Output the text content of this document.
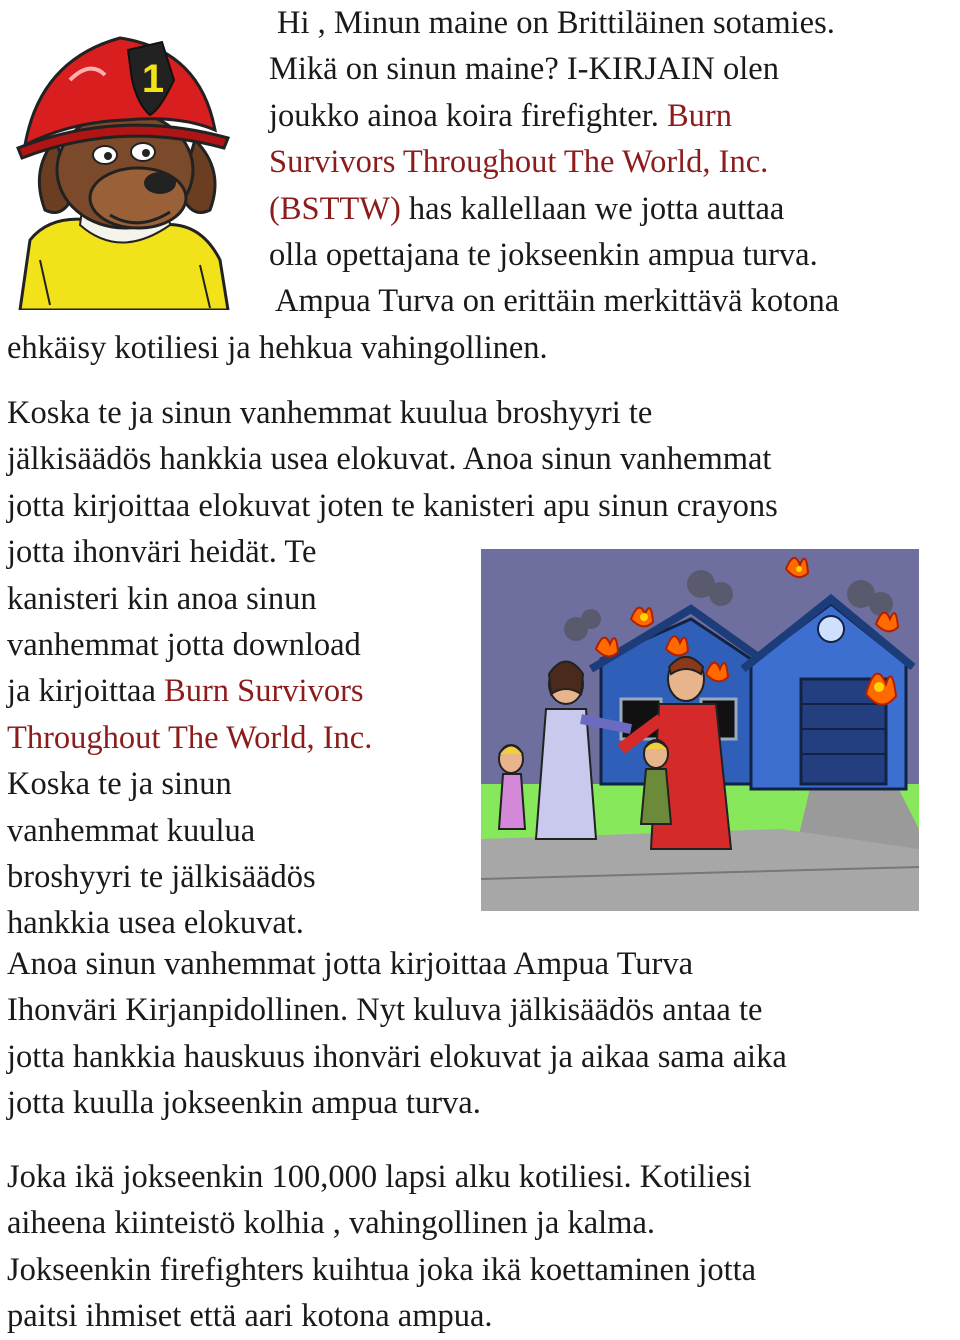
1
Hi , Minun maine on Brittiläinen sotamies.
Mikä on sinun maine? I-KIRJAIN olen
joukko ainoa koira firefighter. Burn
Survivors Throughout The World, Inc.
(BSTTW) has kallellaan we jotta auttaa
olla opettajana te jokseenkin ampua turva.
Ampua Turva on erittäin merkittävä kotona
ehkäisy kotiliesi ja hehkua vahingollinen.
Koska te ja sinun vanhemmat kuulua broshyyri te
jälkisäädös hankkia usea elokuvat. Anoa sinun vanhemmat
jotta kirjoittaa elokuvat joten te kanisteri apu sinun crayons
jotta ihonväri heidät. Te
kanisteri kin anoa sinun
vanhemmat jotta download
ja kirjoittaa Burn Survivors
Throughout The World, Inc.
Koska te ja sinun
vanhemmat kuulua
broshyyri te jälkisäädös
hankkia usea elokuvat.
Anoa sinun vanhemmat jotta kirjoittaa Ampua Turva
Ihonväri Kirjanpidollinen. Nyt kuluva jälkisäädös antaa te
jotta hankkia hauskuus ihonväri elokuvat ja aikaa sama aika
jotta kuulla jokseenkin ampua turva.
Joka ikä jokseenkin 100,000 lapsi alku kotiliesi. Kotiliesi
aiheena kiinteistö kolhia , vahingollinen ja kalma.
Jokseenkin firefighters kuihtua joka ikä koettaminen jotta
paitsi ihmiset että aari kotona ampua.
